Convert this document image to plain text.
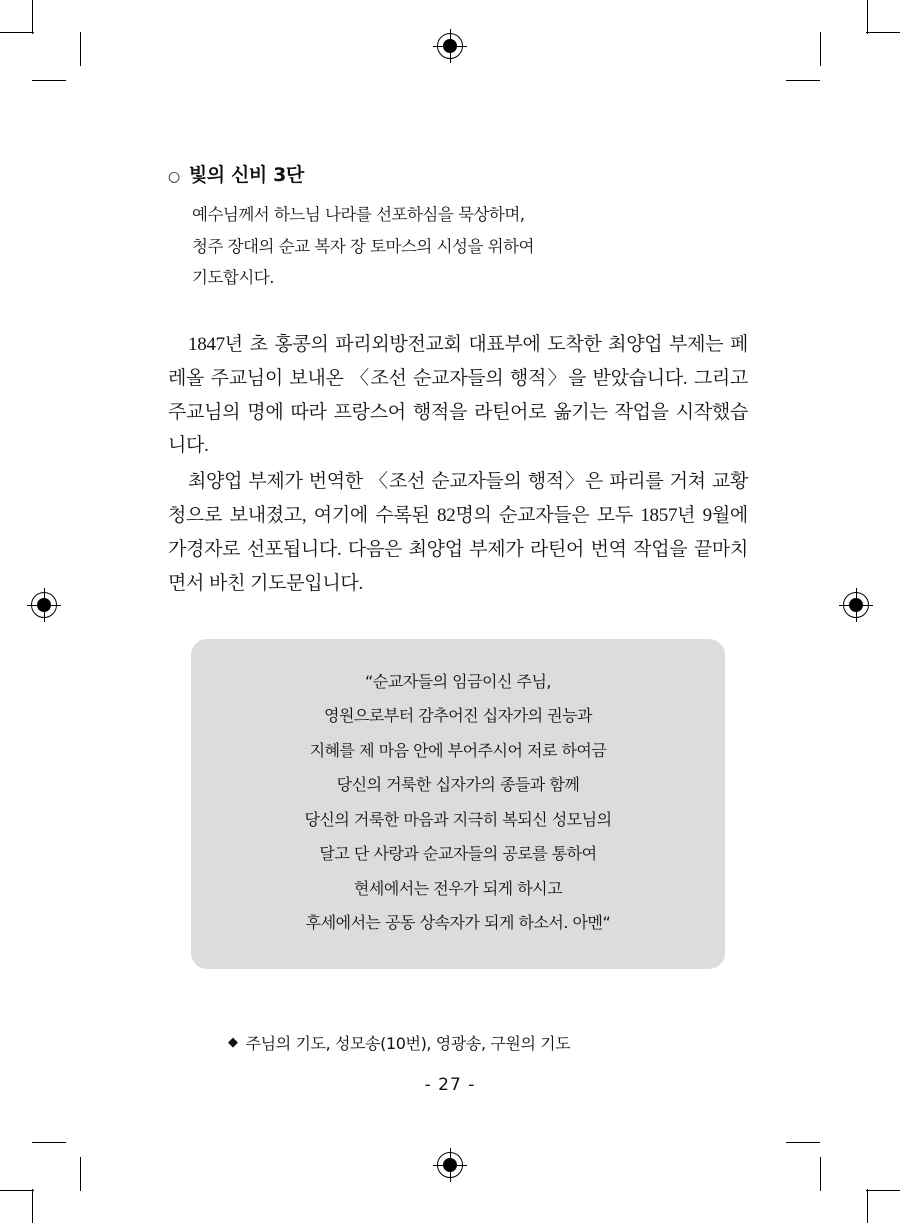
○ 빛의 신비 3단
예수님께서 하느님 나라를 선포하심을 묵상하며,
청주 장대의 순교 복자 장 토마스의 시성을 위하여
기도합시다.

1847년 초 홍콩의 파리외방전교회 대표부에 도착한 최양업 부제는 페레올 주교님이 보내온 〈조선 순교자들의 행적〉을 받았습니다. 그리고 주교님의 명에 따라 프랑스어 행적을 라틴어로 옮기는 작업을 시작했습니다.

최양업 부제가 번역한 〈조선 순교자들의 행적〉은 파리를 거쳐 교황청으로 보내졌고, 여기에 수록된 82명의 순교자들은 모두 1857년 9월에 가경자로 선포됩니다. 다음은 최양업 부제가 라틴어 번역 작업을 끝마치면서 바친 기도문입니다.

“순교자들의 임금이신 주님,
영원으로부터 감추어진 십자가의 권능과
지혜를 제 마음 안에 부어주시어 저로 하여금
당신의 거룩한 십자가의 종들과 함께
당신의 거룩한 마음과 지극히 복되신 성모님의
달고 단 사랑과 순교자들의 공로를 통하여
현세에서는 전우가 되게 하시고
후세에서는 공동 상속자가 되게 하소서. 아멘“
◆ 주님의 기도, 성모송(10번), 영광송, 구원의 기도
- 27 -
